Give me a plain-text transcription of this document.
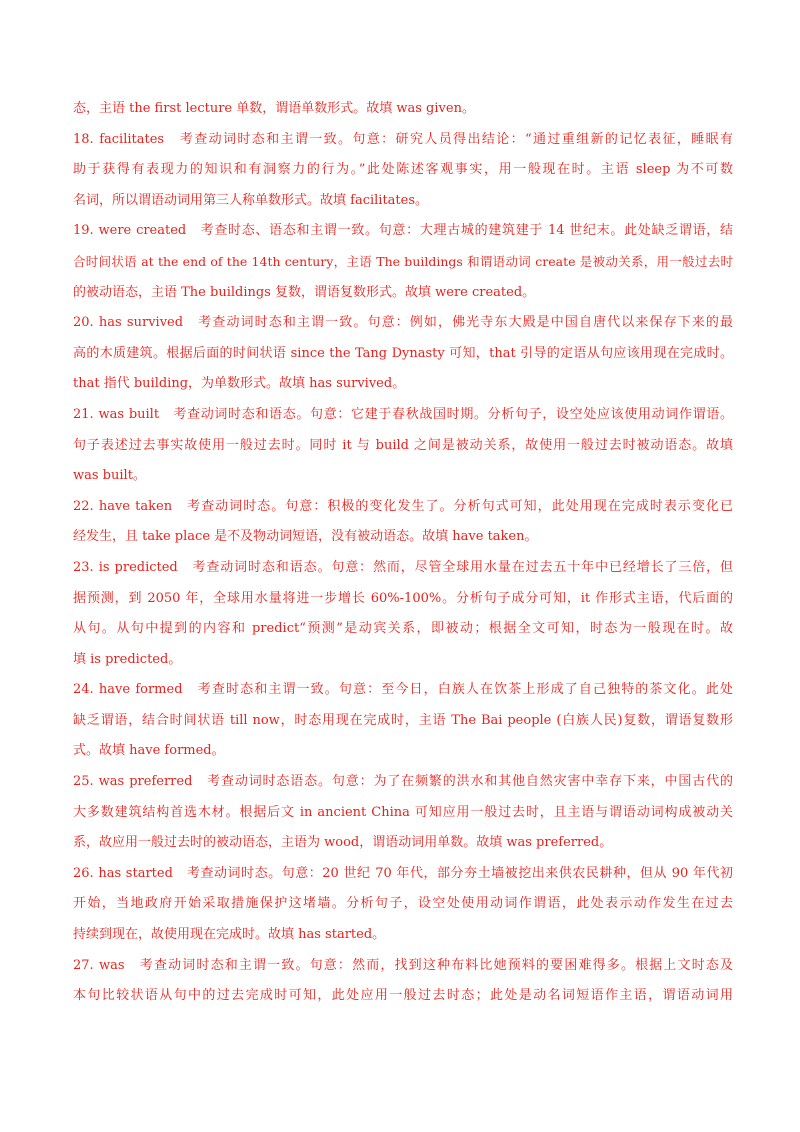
态，主语 the first lecture 单数，谓语单数形式。故填 was given。
18. facilitates　考查动词时态和主谓一致。句意：研究人员得出结论：“通过重组新的记忆表征，睡眠有
助于获得有表现力的知识和有洞察力的行为。”此处陈述客观事实，用一般现在时。主语 sleep 为不可数
名词，所以谓语动词用第三人称单数形式。故填 facilitates。
19. were created　考查时态、语态和主谓一致。句意：大理古城的建筑建于 14 世纪末。此处缺乏谓语，结
合时间状语 at the end of the 14th century，主语 The buildings 和谓语动词 create 是被动关系，用一般过去时
的被动语态，主语 The buildings 复数，谓语复数形式。故填 were created。
20. has survived　考查动词时态和主谓一致。句意：例如，佛光寺东大殿是中国自唐代以来保存下来的最
高的木质建筑。根据后面的时间状语 since the Tang Dynasty 可知，that 引导的定语从句应该用现在完成时。
that 指代 building，为单数形式。故填 has survived。
21. was built　考查动词时态和语态。句意：它建于春秋战国时期。分析句子，设空处应该使用动词作谓语。
句子表述过去事实故使用一般过去时。同时 it 与 build 之间是被动关系，故使用一般过去时被动语态。故填
was built。
22. have taken　考查动词时态。句意：积极的变化发生了。分析句式可知，此处用现在完成时表示变化已
经发生，且 take place 是不及物动词短语，没有被动语态。故填 have taken。
23. is predicted　考查动词时态和语态。句意：然而，尽管全球用水量在过去五十年中已经增长了三倍，但
据预测，到 2050 年，全球用水量将进一步增长 60%-100%。分析句子成分可知，it 作形式主语，代后面的
从句。从句中提到的内容和 predict“预测”是动宾关系，即被动；根据全文可知，时态为一般现在时。故
填 is predicted。
24. have formed　考查时态和主谓一致。句意：至今日，白族人在饮茶上形成了自己独特的茶文化。此处
缺乏谓语，结合时间状语 till now，时态用现在完成时，主语 The Bai people (白族人民)复数，谓语复数形
式。故填 have formed。
25. was preferred　考查动词时态语态。句意：为了在频繁的洪水和其他自然灾害中幸存下来，中国古代的
大多数建筑结构首选木材。根据后文 in ancient China 可知应用一般过去时，且主语与谓语动词构成被动关
系，故应用一般过去时的被动语态，主语为 wood，谓语动词用单数。故填 was preferred。
26. has started　考查动词时态。句意：20 世纪 70 年代，部分夯土墙被挖出来供农民耕种，但从 90 年代初
开始，当地政府开始采取措施保护这堵墙。分析句子，设空处使用动词作谓语，此处表示动作发生在过去
持续到现在，故使用现在完成时。故填 has started。
27. was　考查动词时态和主谓一致。句意：然而，找到这种布料比她预料的要困难得多。根据上文时态及
本句比较状语从句中的过去完成时可知，此处应用一般过去时态；此处是动名词短语作主语，谓语动词用
